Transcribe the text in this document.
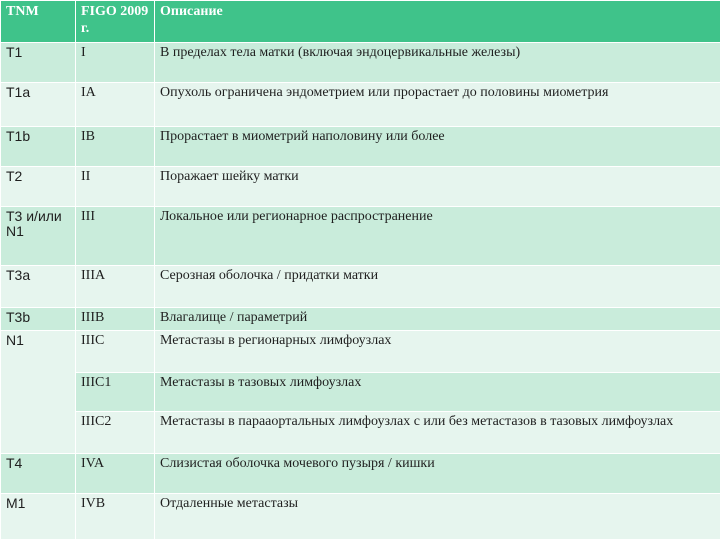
TNM	FIGO 2009 г.	Описание
T1	I	В пределах тела матки (включая эндоцервикальные железы)
T1a	IA	Опухоль ограничена эндометрием или прорастает до половины миометрия
T1b	IB	Прорастает в миометрий наполовину или более
T2	II	Поражает шейку матки
T3 и/или N1	III	Локальное или регионарное распространение
T3a	IIIA	Серозная оболочка / придатки матки
T3b	IIIB	Влагалище / параметрий
N1	IIIC	Метастазы в регионарных лимфоузлах
	IIIC1	Метастазы в тазовых лимфоузлах
	IIIC2	Метастазы в парааортальных лимфоузлах с или без метастазов в тазовых лимфоузлах
T4	IVA	Слизистая оболочка мочевого пузыря / кишки
M1	IVB	Отдаленные метастазы
